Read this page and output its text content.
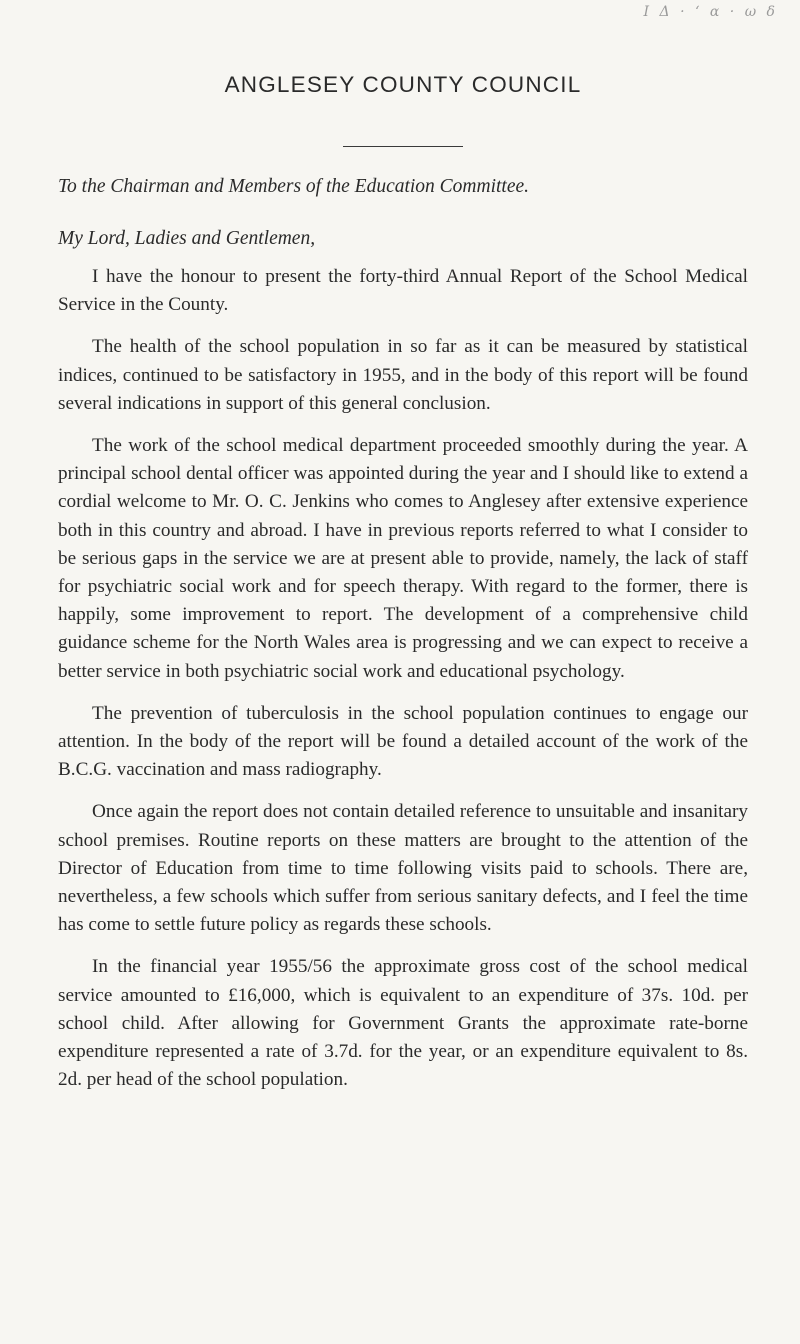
I Δ · ‘ α · ω δ
ANGLESEY COUNTY COUNCIL

To the Chairman and Members of the Education Committee.

My Lord, Ladies and Gentlemen,

I have the honour to present the forty-third Annual Report of the School Medical Service in the County.

The health of the school population in so far as it can be measured by statistical indices, continued to be satisfactory in 1955, and in the body of this report will be found several indications in support of this general conclusion.

The work of the school medical department proceeded smoothly during the year. A principal school dental officer was appointed during the year and I should like to extend a cordial welcome to Mr. O. C. Jenkins who comes to Anglesey after extensive experience both in this country and abroad. I have in previous reports referred to what I consider to be serious gaps in the service we are at present able to provide, namely, the lack of staff for psychiatric social work and for speech therapy. With regard to the former, there is happily, some improvement to report. The development of a comprehensive child guidance scheme for the North Wales area is progressing and we can expect to receive a better service in both psychiatric social work and educational psychology.

The prevention of tuberculosis in the school population continues to engage our attention. In the body of the report will be found a detailed account of the work of the B.C.G. vaccination and mass radiography.

Once again the report does not contain detailed reference to unsuitable and insanitary school premises. Routine reports on these matters are brought to the attention of the Director of Education from time to time following visits paid to schools. There are, nevertheless, a few schools which suffer from serious sanitary defects, and I feel the time has come to settle future policy as regards these schools.

In the financial year 1955/56 the approximate gross cost of the school medical service amounted to £16,000, which is equivalent to an expenditure of 37s. 10d. per school child. After allowing for Government Grants the approximate rate-borne expenditure represented a rate of 3.7d. for the year, or an expenditure equivalent to 8s. 2d. per head of the school population.
